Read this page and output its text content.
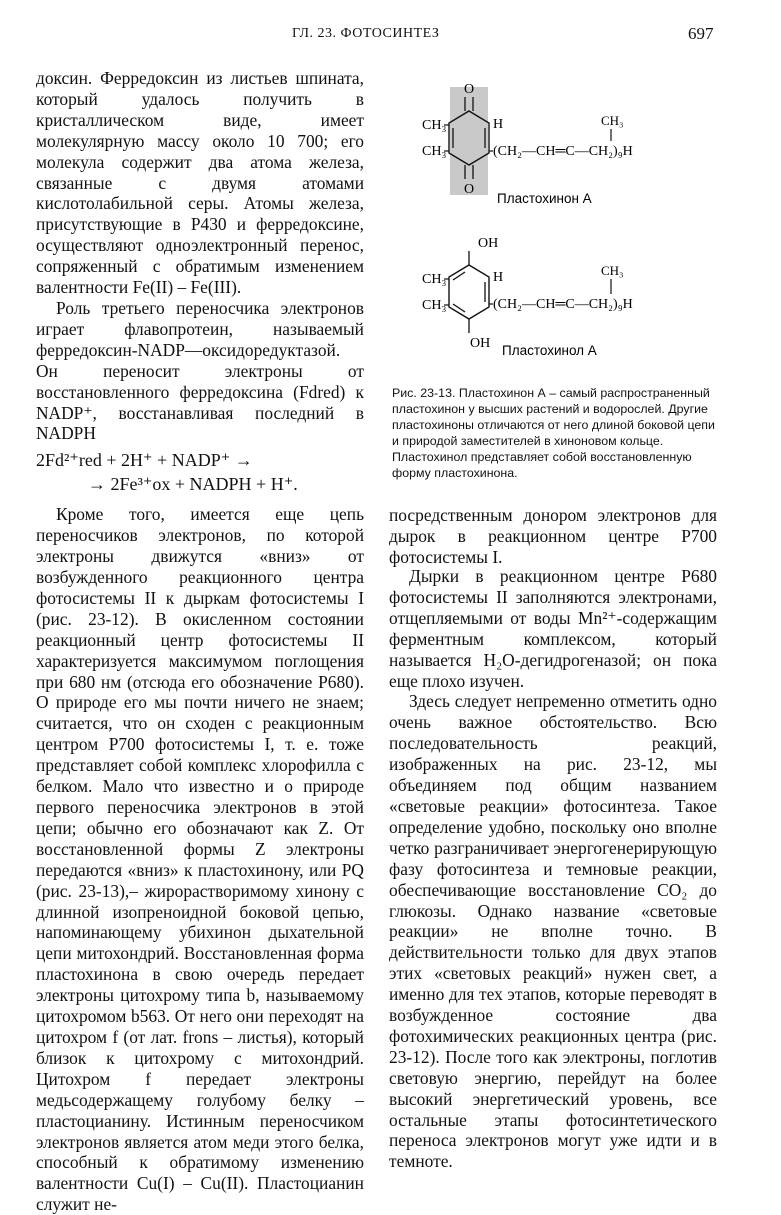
ГЛ. 23. ФОТОСИНТЕЗ	697

доксин. Ферредоксин из листьев шпината, который удалось получить в кристаллическом виде, имеет молекулярную массу около 10 700; его молекула содержит два атома железа, связанные с двумя атомами кислотолабильной серы. Атомы железа, присутствующие в Р430 и ферредоксине, осуществляют одноэлектронный перенос, сопряженный с обратимым изменением валентности Fe(II) – Fe(III).

Роль третьего переносчика электронов играет флавопротеин, называемый ферредоксин-NADP—оксидоредуктазой. Он переносит электроны от восстановленного ферредоксина (Fdred) к NADP⁺, восстанавливая последний в NADPH

2Fd²⁺red + 2H⁺ + NADP⁺ →
→ 2Fe³⁺ox + NADPH + H⁺.

Кроме того, имеется еще цепь переносчиков электронов, по которой электроны движутся «вниз» от возбужденного реакционного центра фотосистемы II к дыркам фотосистемы I (рис. 23-12). В окисленном состоянии реакционный центр фотосистемы II характеризуется максимумом поглощения при 680 нм (отсюда его обозначение Р680). О природе его мы почти ничего не знаем; считается, что он сходен с реакционным центром Р700 фотосистемы I, т. е. тоже представляет собой комплекс хлорофилла с белком. Мало что известно и о природе первого переносчика электронов в этой цепи; обычно его обозначают как Z. От восстановленной формы Z электроны передаются «вниз» к пластохинону, или PQ (рис. 23-13),– жирорастворимому хинону с длинной изопреноидной боковой цепью, напоминающему убихинон дыхательной цепи митохондрий. Восстановленная форма пластохинона в свою очередь передает электроны цитохрому типа b, называемому цитохромом b563. От него они переходят на цитохром f (от лат. frons – листья), который близок к цитохрому с митохондрий. Цитохром f передает электроны медьсодержащему голубому белку – пластоцианину. Истинным переносчиком электронов является атом меди этого белка, способный к обратимому изменению валентности Cu(I) – Cu(II). Пластоцианин служит не-

O
O
CH₃
CH₃
H
(CH₂—CH═C—CH₂)₉H
CH₃
Пластохинон А
OH
OH
CH₃
CH₃
H
(CH₂—CH═C—CH₂)₉H
CH₃
Пластохинол А
Рис. 23-13. Пластохинон А – самый распространенный пластохинон у высших растений и водорослей. Другие пластохиноны отличаются от него длиной боковой цепи и природой заместителей в хиноновом кольце. Пластохинол представляет собой восстановленную форму пластохинона.

посредственным донором электронов для дырок в реакционном центре Р700 фотосистемы I.

Дырки в реакционном центре Р680 фотосистемы II заполняются электронами, отщепляемыми от воды Mn²⁺-содержащим ферментным комплексом, который называется H₂O-дегидрогеназой; он пока еще плохо изучен.

Здесь следует непременно отметить одно очень важное обстоятельство. Всю последовательность реакций, изображенных на рис. 23-12, мы объединяем под общим названием «световые реакции» фотосинтеза. Такое определение удобно, поскольку оно вполне четко разграничивает энергогенерирующую фазу фотосинтеза и темновые реакции, обеспечивающие восстановление CO₂ до глюкозы. Однако название «световые реакции» не вполне точно. В действительности только для двух этапов этих «световых реакций» нужен свет, а именно для тех этапов, которые переводят в возбужденное состояние два фотохимических реакционных центра (рис. 23-12). После того как электроны, поглотив световую энергию, перейдут на более высокий энергетический уровень, все остальные этапы фотосинтетического переноса электронов могут уже идти и в темноте.
